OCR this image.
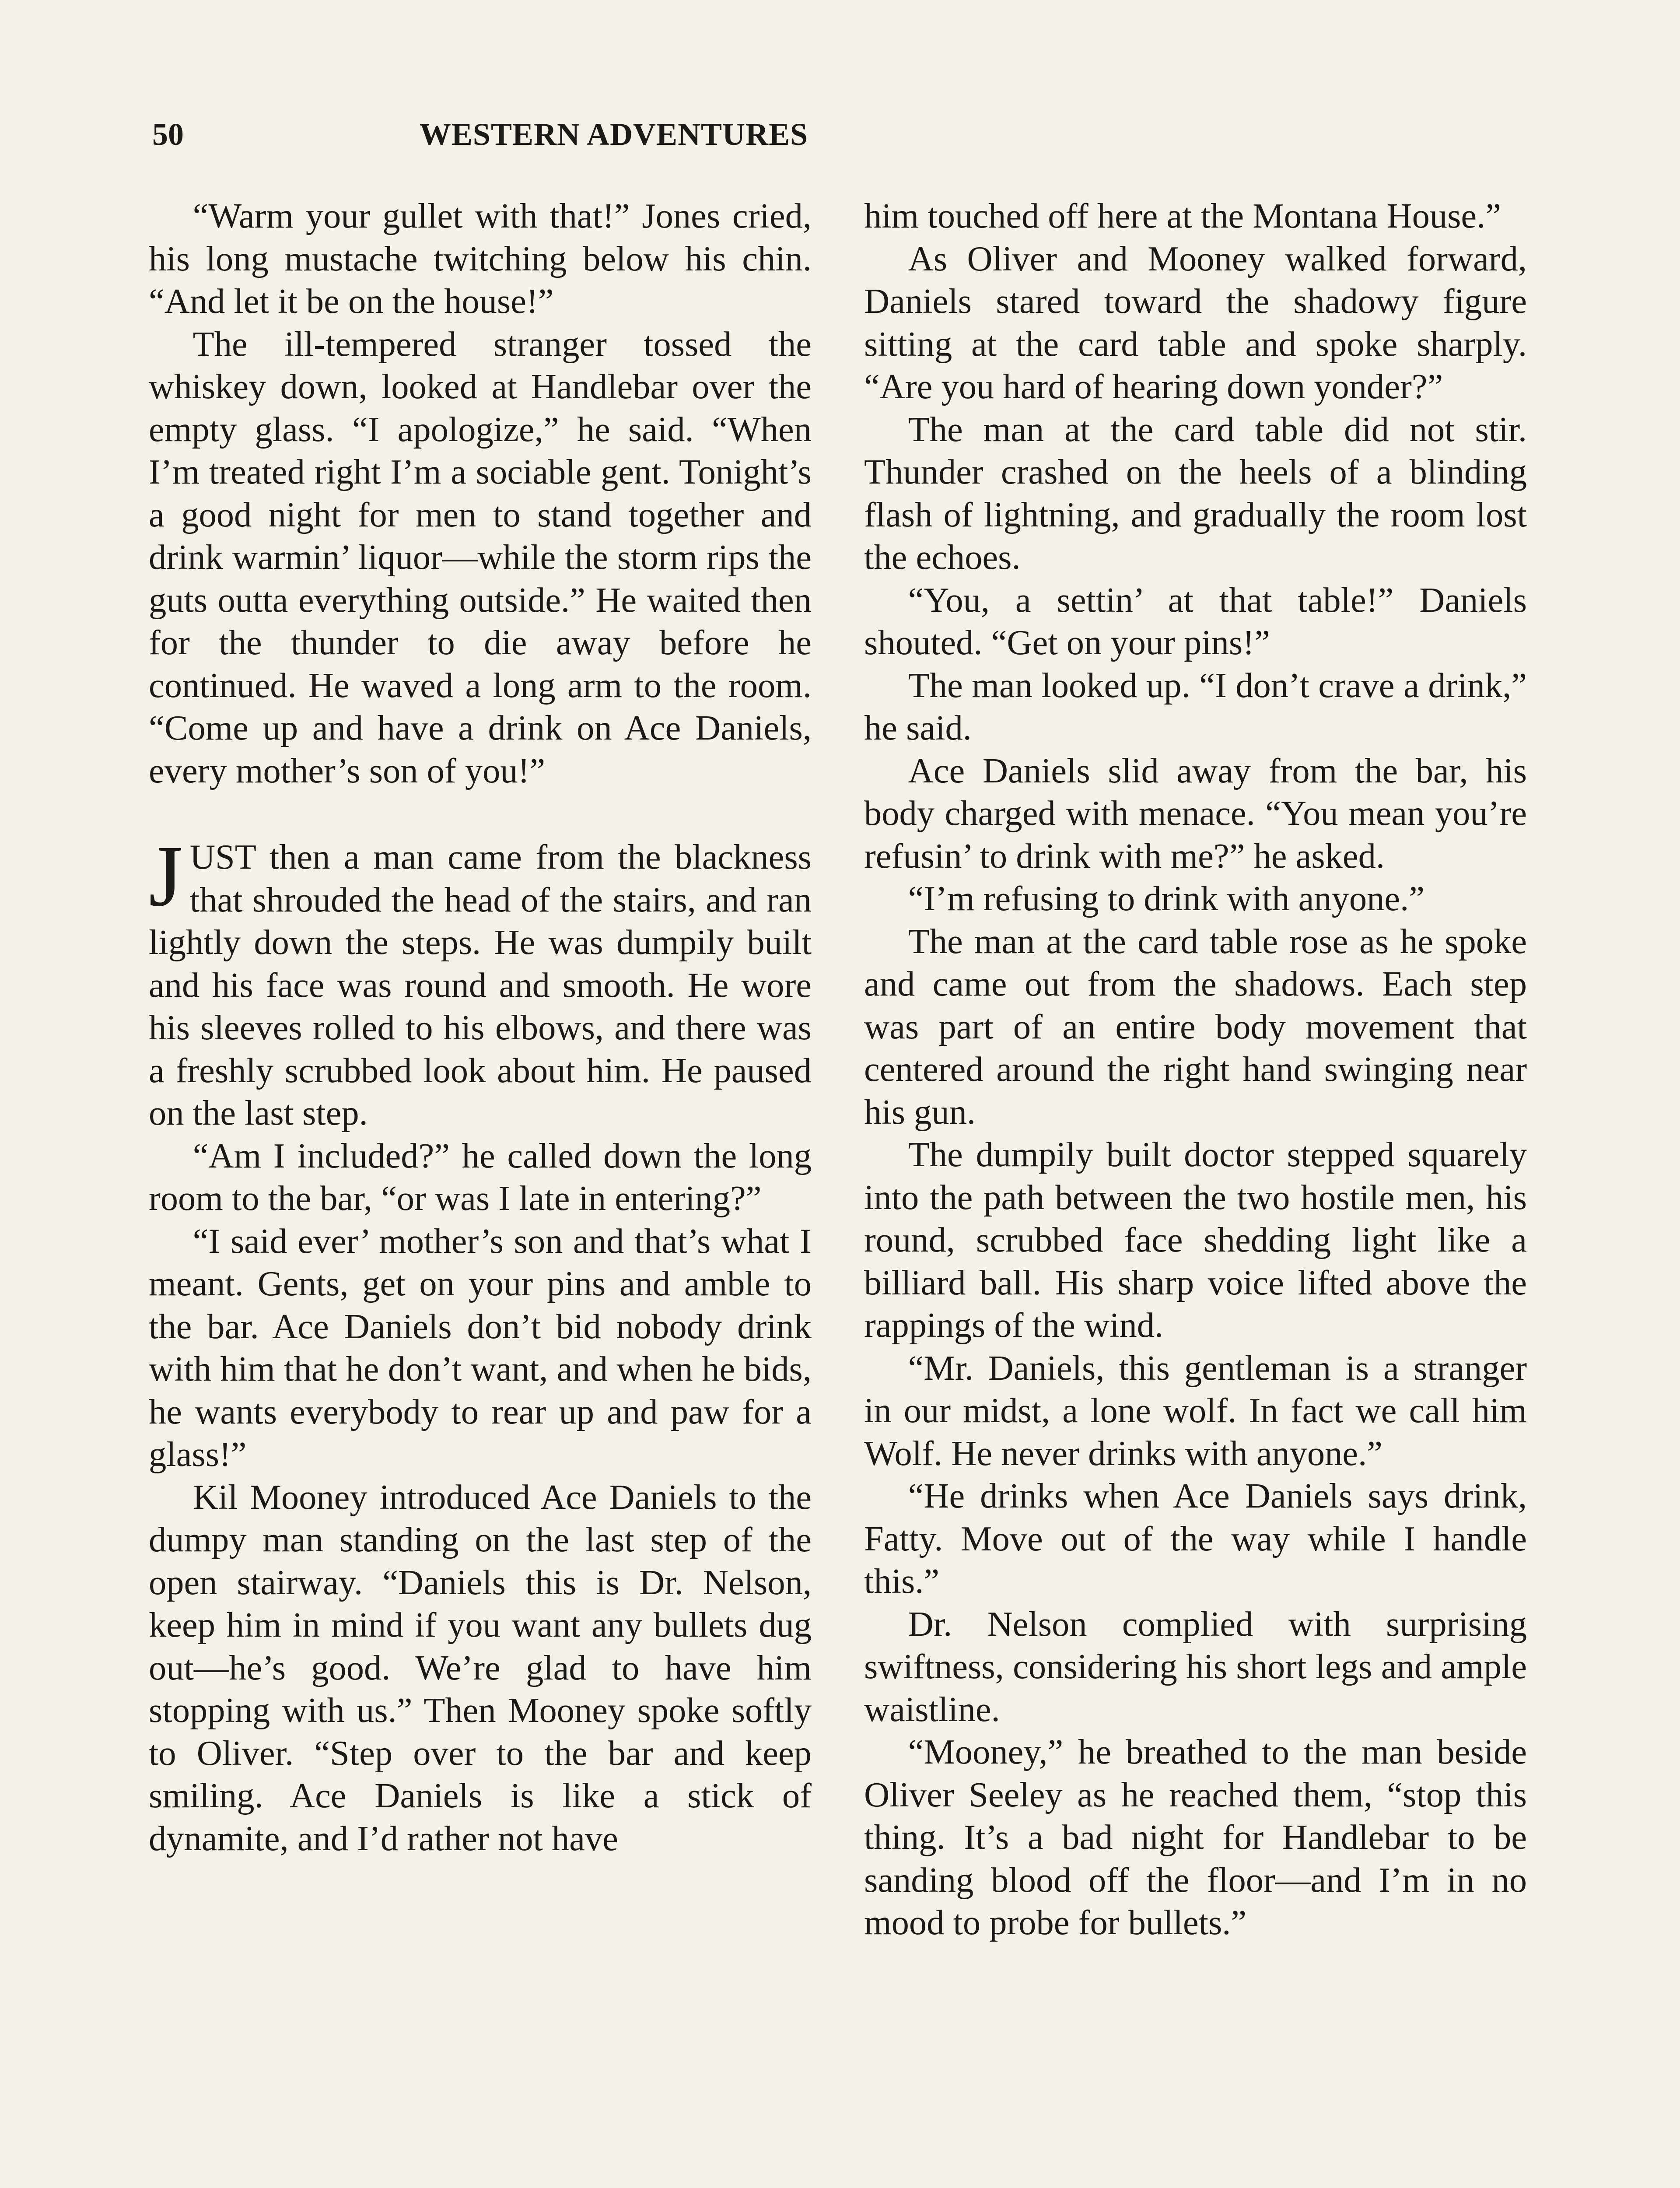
50	WESTERN ADVENTURES

“Warm your gullet with that!” Jones cried, his long mustache twitching below his chin. “And let it be on the house!”

The ill-tempered stranger tossed the whiskey down, looked at Handlebar over the empty glass. “I apologize,” he said. “When I’m treated right I’m a sociable gent. Tonight’s a good night for men to stand together and drink warmin’ liquor—while the storm rips the guts outta everything outside.” He waited then for the thunder to die away before he continued. He waved a long arm to the room. “Come up and have a drink on Ace Daniels, every mother’s son of you!”

JUST then a man came from the blackness that shrouded the head of the stairs, and ran lightly down the steps. He was dumpily built and his face was round and smooth. He wore his sleeves rolled to his elbows, and there was a freshly scrubbed look about him. He paused on the last step.

“Am I included?” he called down the long room to the bar, “or was I late in entering?”

“I said ever’ mother’s son and that’s what I meant. Gents, get on your pins and amble to the bar. Ace Daniels don’t bid nobody drink with him that he don’t want, and when he bids, he wants everybody to rear up and paw for a glass!”

Kil Mooney introduced Ace Daniels to the dumpy man standing on the last step of the open stairway. “Daniels this is Dr. Nelson, keep him in mind if you want any bullets dug out—he’s good. We’re glad to have him stopping with us.” Then Mooney spoke softly to Oliver. “Step over to the bar and keep smiling. Ace Daniels is like a stick of dynamite, and I’d rather not have

him touched off here at the Montana House.”

As Oliver and Mooney walked forward, Daniels stared toward the shadowy figure sitting at the card table and spoke sharply. “Are you hard of hearing down yonder?”

The man at the card table did not stir. Thunder crashed on the heels of a blinding flash of lightning, and gradually the room lost the echoes.

“You, a settin’ at that table!” Daniels shouted. “Get on your pins!”

The man looked up. “I don’t crave a drink,” he said.

Ace Daniels slid away from the bar, his body charged with menace. “You mean you’re refusin’ to drink with me?” he asked.

“I’m refusing to drink with anyone.”

The man at the card table rose as he spoke and came out from the shadows. Each step was part of an entire body movement that centered around the right hand swinging near his gun.

The dumpily built doctor stepped squarely into the path between the two hostile men, his round, scrubbed face shedding light like a billiard ball. His sharp voice lifted above the rappings of the wind.

“Mr. Daniels, this gentleman is a stranger in our midst, a lone wolf. In fact we call him Wolf. He never drinks with anyone.”

“He drinks when Ace Daniels says drink, Fatty. Move out of the way while I handle this.”

Dr. Nelson complied with surprising swiftness, considering his short legs and ample waistline.

“Mooney,” he breathed to the man beside Oliver Seeley as he reached them, “stop this thing. It’s a bad night for Handlebar to be sanding blood off the floor—and I’m in no mood to probe for bullets.”
